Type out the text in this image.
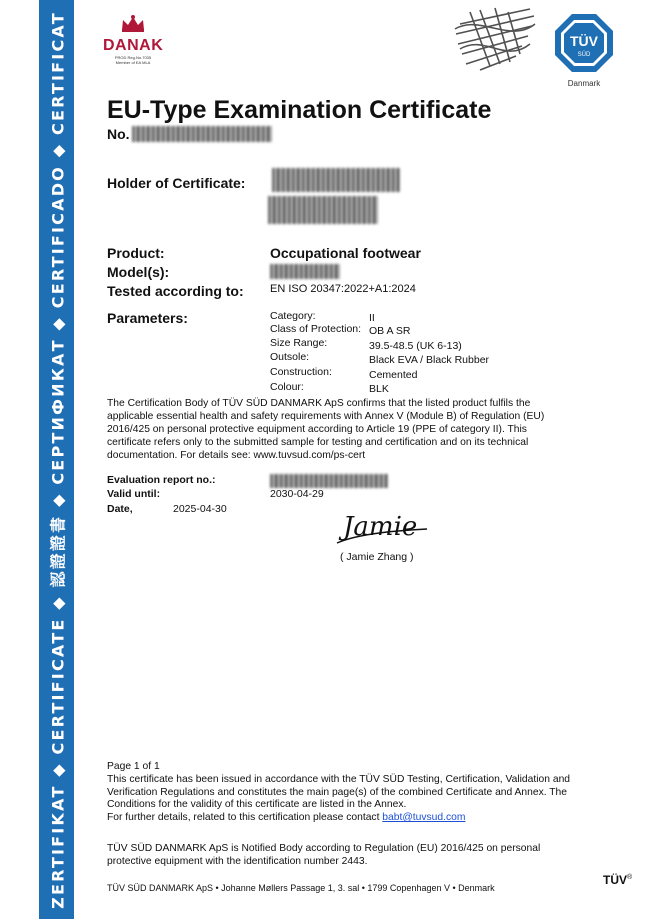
ZERTIFIKAT ◆ CERTIFICATE ◆ 認證證書 ◆ СЕРТИФИКАТ ◆ CERTIFICADO ◆ CERTIFICAT DANAK
PROD Reg.No.7035
Member of EA MLA
TÜV
SÜD
Danmark
EU-Type Examination Certificate
No.
Holder of Certificate:
Product:	Occupational footwear
Model(s):
Tested according to: EN ISO 20347:2022+A1:2024
Parameters:	Category:	II
Class of Protection: OB A SR
Size Range:	39.5-48.5 (UK 6-13)
Outsole:	Black EVA / Black Rubber
Construction:	Cemented
Colour:	BLK

The Certification Body of TÜV SÜD DANMARK ApS confirms that the listed product fulfils the applicable essential health and safety requirements with Annex V (Module B) of Regulation (EU) 2016/425 on personal protective equipment according to Article 19 (PPE of category II). This certificate refers only to the submitted sample for testing and certification and on its technical documentation. For details see: www.tuvsud.com/ps-cert

Evaluation report no.:
Valid until:	2030-04-29
Date,	2025-04-30
Jamie
( Jamie Zhang )

Page 1 of 1

This certificate has been issued in accordance with the TÜV SÜD Testing, Certification, Validation and Verification Regulations and constitutes the main page(s) of the combined Certificate and Annex. The Conditions for the validity of this certificate are listed in the Annex.

For further details, related to this certification please contact babt@tuvsud.com

TÜV SÜD DANMARK ApS is Notified Body according to Regulation (EU) 2016/425 on personal protective equipment with the identification number 2443.

TÜV SÜD DANMARK ApS • Johanne Møllers Passage 1, 3. sal • 1799 Copenhagen V • Denmark
TÜV®
